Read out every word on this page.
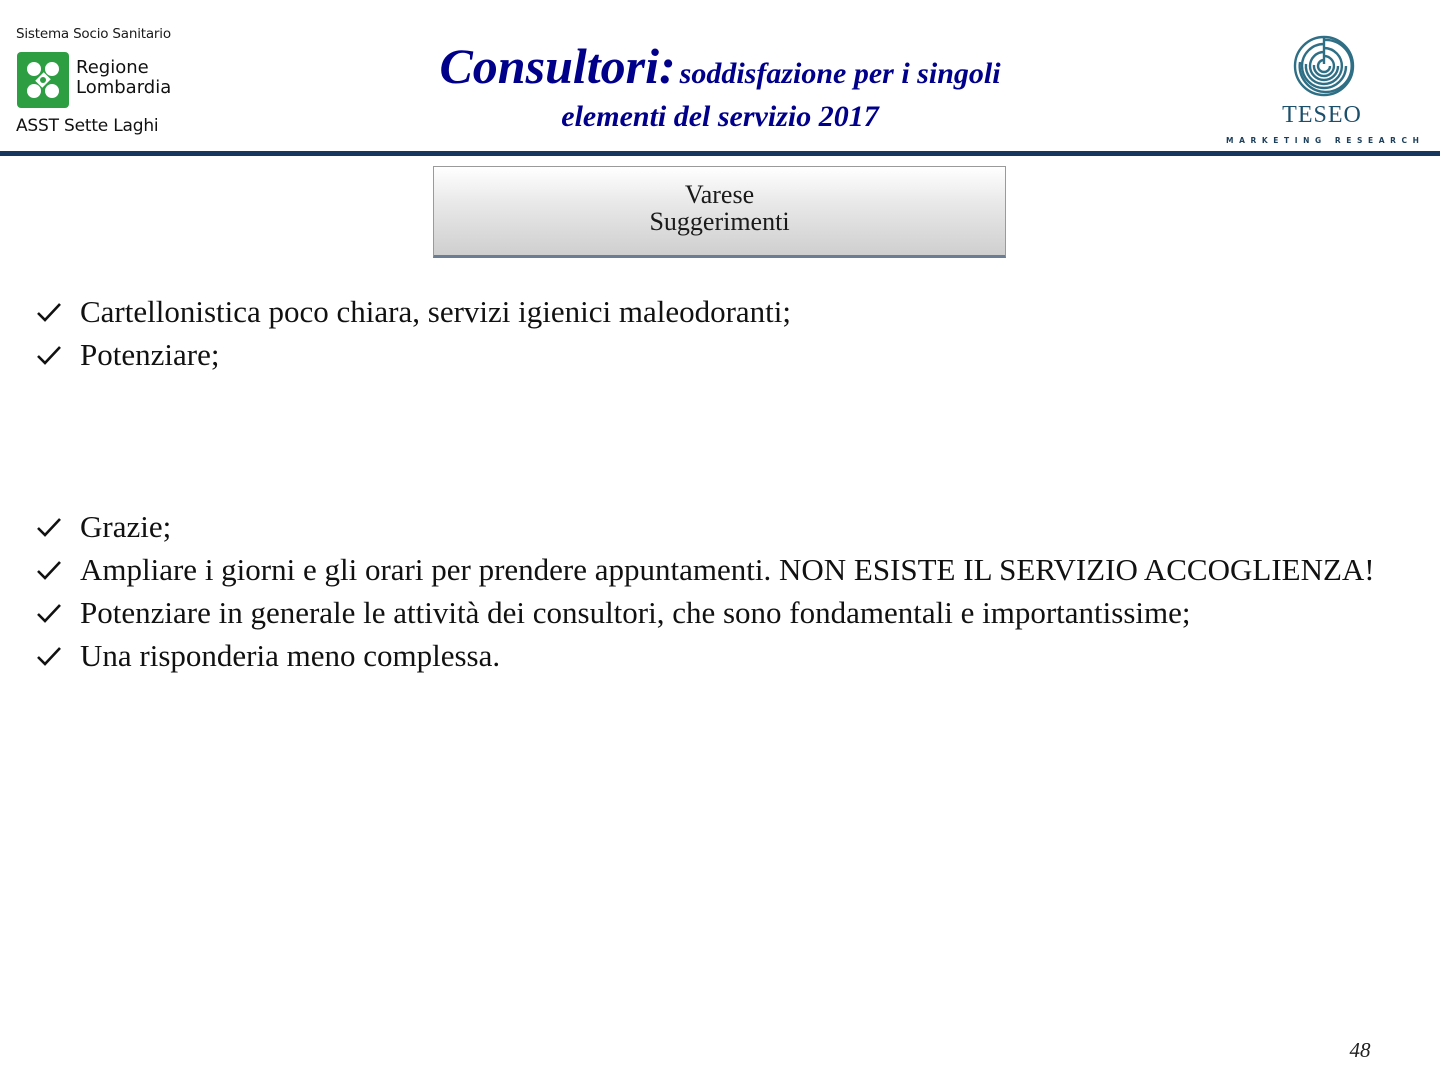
Sistema Socio Sanitario
Regione
Lombardia
ASST Sette Laghi
Consultori: soddisfazione per i singoli
elementi del servizio 2017	TESEO
MARKETING RESEARCH
Varese
Suggerimenti
Cartellonistica poco chiara, servizi igienici maleodoranti;
Potenziare;
Grazie;
Ampliare i giorni e gli orari per prendere appuntamenti. NON ESISTE IL SERVIZIO ACCOGLIENZA!
Potenziare in generale le attività dei consultori, che sono fondamentali e importantissime;
Una risponderia meno complessa.
48
